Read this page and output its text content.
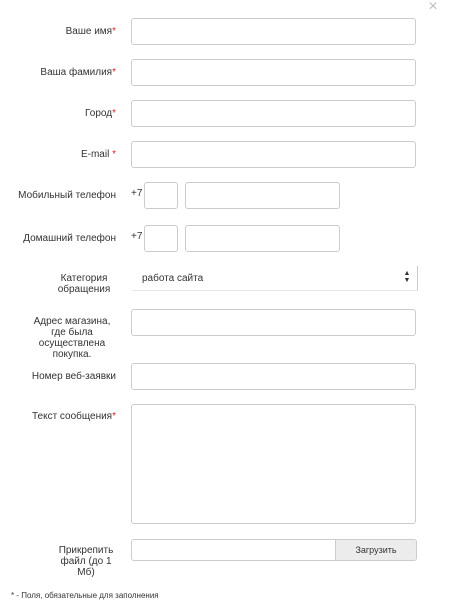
×
Ваше имя*
Ваша фамилия*
Город*
E-mail *
Мобильный телефон +7
Домашний телефон +7
Категория обращения
работа сайта	▲
▼
Адрес магазина, где была осуществлена покупка.
Номер веб-заявки
Текст сообщения*
Прикрепить файл (до 1 Мб)
Загрузить
* - Поля, обязательные для заполнения
